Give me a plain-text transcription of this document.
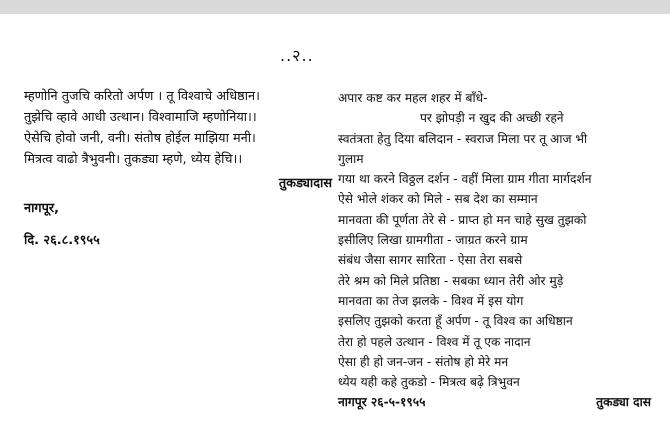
..२..
म्हणोनि तुजचि करितो अर्पण । तू विश्‍वाचे अधिष्ठान।
तुझेचि व्हावे आधी उत्थान। विश्‍वामाजि म्हणोनिया।।
ऐसेचि होवो जनी, वनी। संतोष होईल माझिया मनी।
मित्रत्व वाढो त्रैभुवनी। तुकड्या म्हणे, ध्येय हेचि।।
तुकड्यादास
नागपूर,
दि. २६.८.१९५५
अपार कष्ट कर महल शहर में बाँधे-
पर झोपड़ी न खुद की अच्छी रहने
स्वतंत्रता हेतु दिया बलिदान - स्वराज मिला पर तू आज भी
गुलाम
गया था करने विठ्ठल दर्शन - वहीं मिला ग्राम गीता मार्गदर्शन
ऐसे भोले शंकर को मिले - सब देश का सम्मान
मानवता की पूर्णता तेरे से - प्राप्त हो मन चाहे सुख तुझको
इसीलिए लिखा ग्रामगीता - जाग्रत करने ग्राम
संबंध जैसा सागर सारिता - ऐसा तेरा सबसे
तेरे श्रम को मिले प्रतिष्ठा - सबका ध्यान तेरी ओर मुड़े
मानवता का तेज झलके - विश्व में इस योग
इसलिए तुझको करता हूँ अर्पण - तू विश्‍व का अधिष्ठान
तेरा हो पहले उत्थान - विश्व में तू एक नादान
ऐसा ही हो जन-जन - संतोष हो मेरे मन
ध्येय यही कहे तुकडो - मित्रत्व बढ़े त्रिभुवन
नागपूर २६-५-१९५५	तुकड्या दास
